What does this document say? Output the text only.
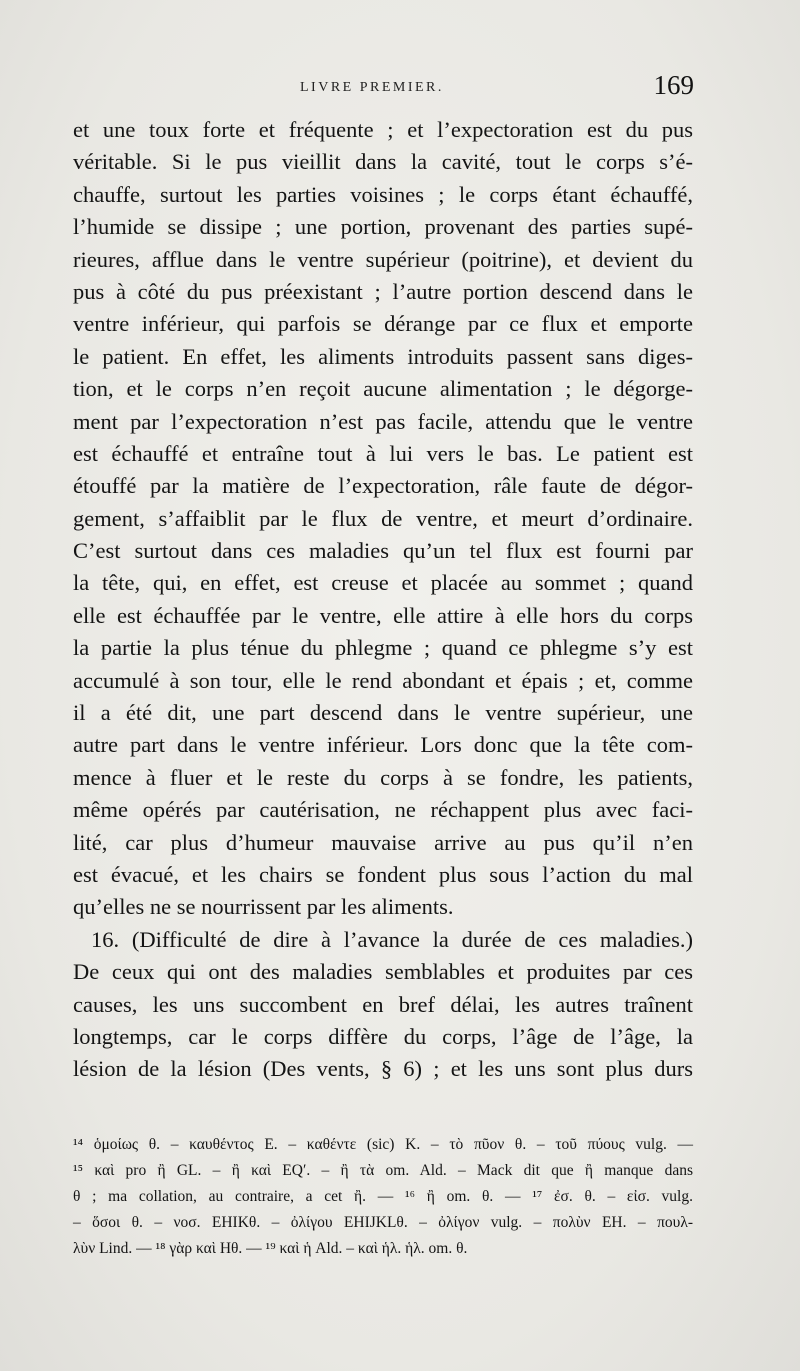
LIVRE PREMIER.	169
et une toux forte et fréquente ; et l’expectoration est du pus
véritable. Si le pus vieillit dans la cavité, tout le corps s’é-
chauffe, surtout les parties voisines ; le corps étant échauffé,
l’humide se dissipe ; une portion, provenant des parties supé-
rieures, afflue dans le ventre supérieur (poitrine), et devient du
pus à côté du pus préexistant ; l’autre portion descend dans le
ventre inférieur, qui parfois se dérange par ce flux et emporte
le patient. En effet, les aliments introduits passent sans diges-
tion, et le corps n’en reçoit aucune alimentation ; le dégorge-
ment par l’expectoration n’est pas facile, attendu que le ventre
est échauffé et entraîne tout à lui vers le bas. Le patient est
étouffé par la matière de l’expectoration, râle faute de dégor-
gement, s’affaiblit par le flux de ventre, et meurt d’ordinaire.
C’est surtout dans ces maladies qu’un tel flux est fourni par
la tête, qui, en effet, est creuse et placée au sommet ; quand
elle est échauffée par le ventre, elle attire à elle hors du corps
la partie la plus ténue du phlegme ; quand ce phlegme s’y est
accumulé à son tour, elle le rend abondant et épais ; et, comme
il a été dit, une part descend dans le ventre supérieur, une
autre part dans le ventre inférieur. Lors donc que la tête com-
mence à fluer et le reste du corps à se fondre, les patients,
même opérés par cautérisation, ne réchappent plus avec faci-
lité, car plus d’humeur mauvaise arrive au pus qu’il n’en
est évacué, et les chairs se fondent plus sous l’action du mal
qu’elles ne se nourrissent par les aliments.
16. (Difficulté de dire à l’avance la durée de ces maladies.)
De ceux qui ont des maladies semblables et produites par ces
causes, les uns succombent en bref délai, les autres traînent
longtemps, car le corps diffère du corps, l’âge de l’âge, la
lésion de la lésion (Des vents, § 6) ; et les uns sont plus durs
¹⁴ ὁμοίως θ. – καυθέντος E. – καθέντε (sic) K. – τὸ πῦον θ. – τοῦ πύους vulg. —
¹⁵ καὶ pro ἢ GL. – ἢ καὶ EQ′. – ἢ τὰ om. Ald. – Mack dit que ἢ manque dans
θ ; ma collation, au contraire, a cet ἢ. — ¹⁶ ἢ om. θ. — ¹⁷ ἐσ. θ. – εἰσ. vulg.
– ὅσοι θ. – νοσ. EHIKθ. – ὀλίγου EHIJKLθ. – ὀλίγον vulg. – πολὺν EH. – πουλ-
λὺν Lind. — ¹⁸ γὰρ καὶ Hθ. — ¹⁹ καὶ ἡ Ald. – καὶ ἡλ. ἡλ. om. θ.
